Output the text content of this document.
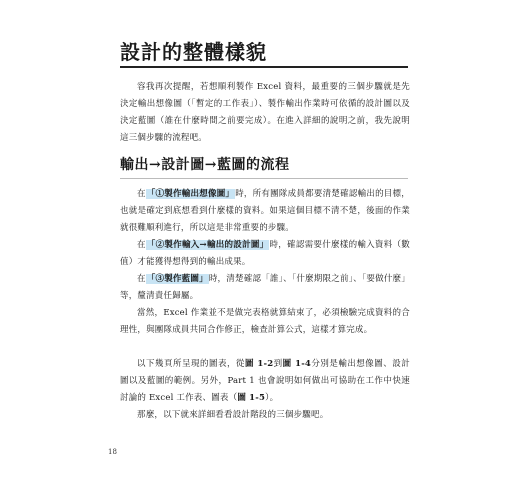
設計的整體樣貌

容我再次提醒，若想順利製作 Excel 資料，最重要的三個步驟就是先決定輸出想像圖（「暫定的工作表」）、製作輸出作業時可依循的設計圖以及決定藍圖（誰在什麼時間之前要完成）。在進入詳細的說明之前，我先說明這三個步驟的流程吧。

輸出→設計圖→藍圖的流程

在「①製作輸出想像圖」時，所有團隊成員都要清楚確認輸出的目標，也就是確定到底想看到什麼樣的資料。如果這個目標不清不楚，後面的作業就很難順利進行，所以這是非常重要的步驟。

在「②製作輸入→輸出的設計圖」時，確認需要什麼樣的輸入資料（數值）才能獲得想得到的輸出成果。

在「③製作藍圖」時，清楚確認「誰」、「什麼期限之前」、「要做什麼」等，釐清責任歸屬。

當然，Excel 作業並不是做完表格就算結束了，必須檢驗完成資料的合理性，與團隊成員共同合作修正，檢查計算公式，這樣才算完成。

以下幾頁所呈現的圖表，從圖 1-2到圖 1-4分別是輸出想像圖、設計圖以及藍圖的範例。另外，Part 1 也會說明如何做出可協助在工作中快速討論的 Excel 工作表、圖表（圖 1-5）。

那麼，以下就來詳細看看設計階段的三個步驟吧。

18
